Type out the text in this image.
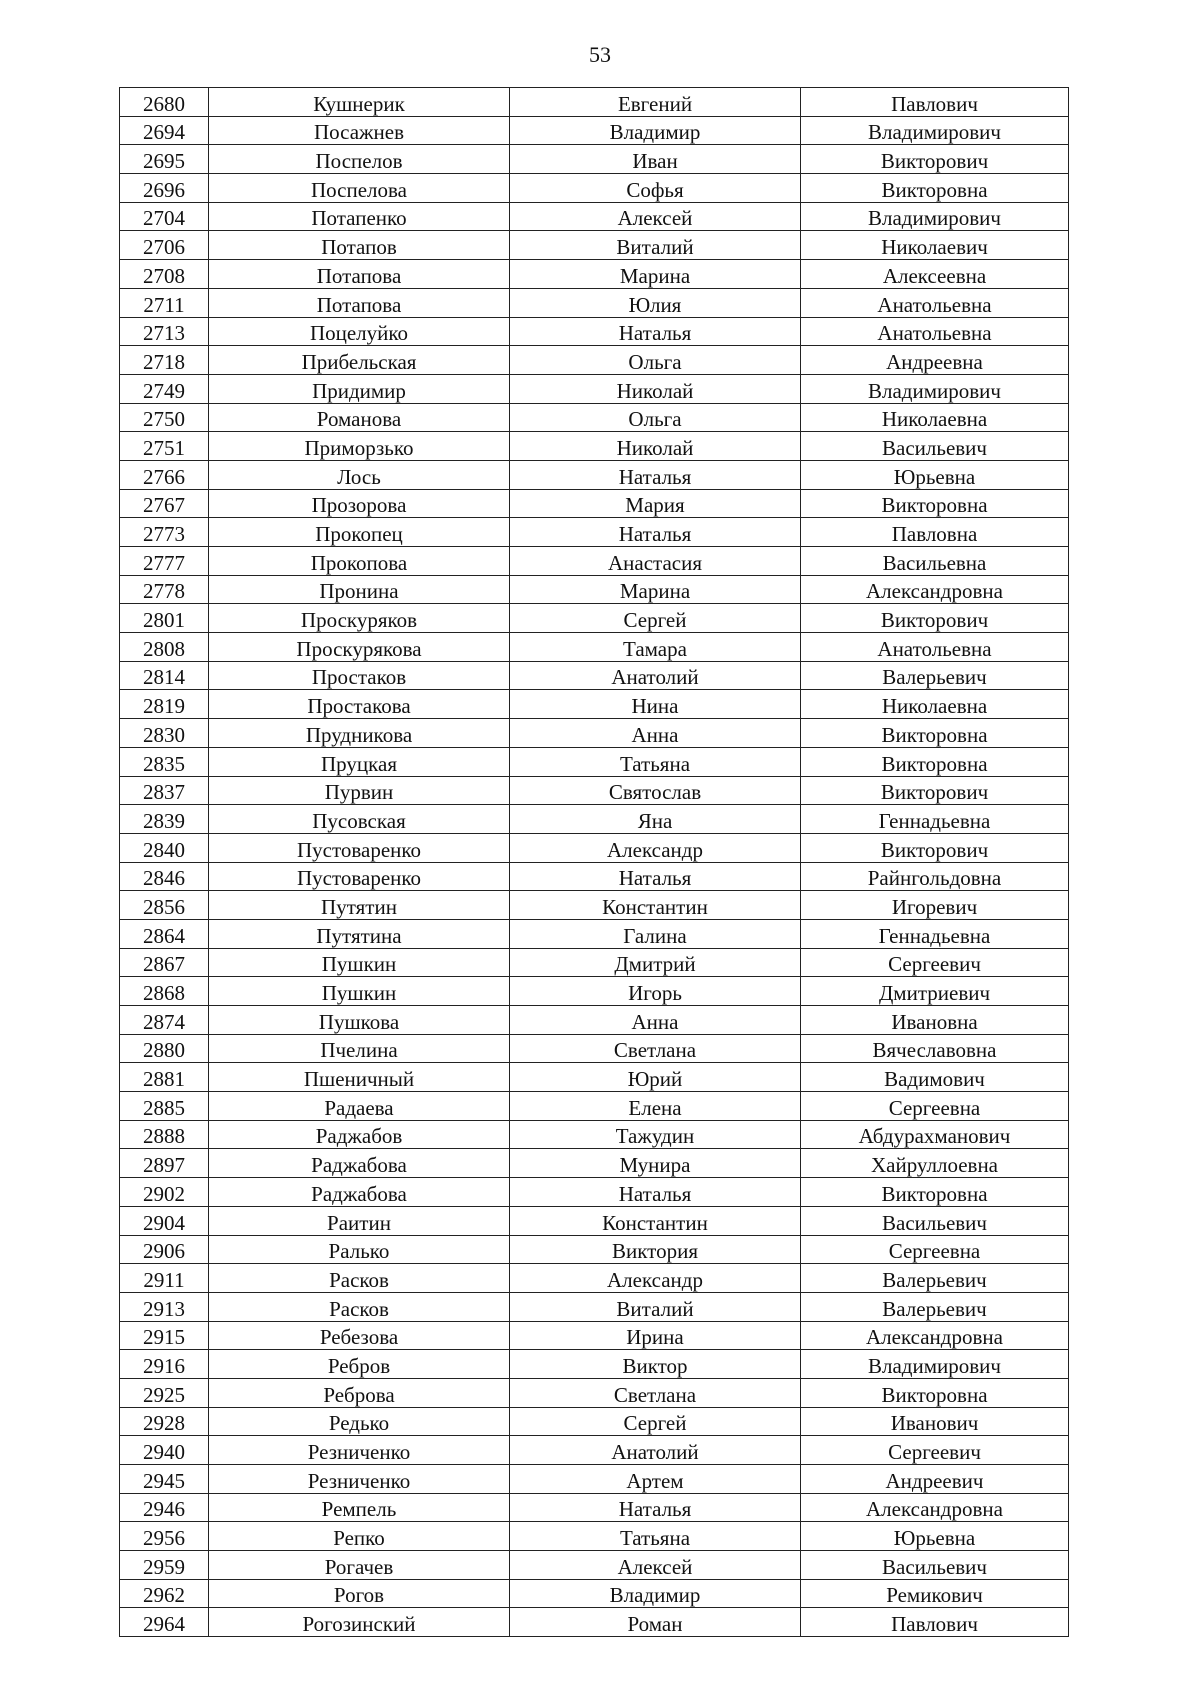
53
2680	Кушнерик	Евгений	Павлович
2694	Посажнев	Владимир	Владимирович
2695	Поспелов	Иван	Викторович
2696	Поспелова	Софья	Викторовна
2704	Потапенко	Алексей	Владимирович
2706	Потапов	Виталий	Николаевич
2708	Потапова	Марина	Алексеевна
2711	Потапова	Юлия	Анатольевна
2713	Поцелуйко	Наталья	Анатольевна
2718	Прибельская	Ольга	Андреевна
2749	Придимир	Николай	Владимирович
2750	Романова	Ольга	Николаевна
2751	Приморзько	Николай	Васильевич
2766	Лось	Наталья	Юрьевна
2767	Прозорова	Мария	Викторовна
2773	Прокопец	Наталья	Павловна
2777	Прокопова	Анастасия	Васильевна
2778	Пронина	Марина	Александровна
2801	Проскуряков	Сергей	Викторович
2808	Проскурякова	Тамара	Анатольевна
2814	Простаков	Анатолий	Валерьевич
2819	Простакова	Нина	Николаевна
2830	Прудникова	Анна	Викторовна
2835	Пруцкая	Татьяна	Викторовна
2837	Пурвин	Святослав	Викторович
2839	Пусовская	Яна	Геннадьевна
2840	Пустоваренко	Александр	Викторович
2846	Пустоваренко	Наталья	Райнгольдовна
2856	Путятин	Константин	Игоревич
2864	Путятина	Галина	Геннадьевна
2867	Пушкин	Дмитрий	Сергеевич
2868	Пушкин	Игорь	Дмитриевич
2874	Пушкова	Анна	Ивановна
2880	Пчелина	Светлана	Вячеславовна
2881	Пшеничный	Юрий	Вадимович
2885	Радаева	Елена	Сергеевна
2888	Раджабов	Тажудин	Абдурахманович
2897	Раджабова	Мунира	Хайруллоевна
2902	Раджабова	Наталья	Викторовна
2904	Раитин	Константин	Васильевич
2906	Ралько	Виктория	Сергеевна
2911	Расков	Александр	Валерьевич
2913	Расков	Виталий	Валерьевич
2915	Ребезова	Ирина	Александровна
2916	Ребров	Виктор	Владимирович
2925	Реброва	Светлана	Викторовна
2928	Редько	Сергей	Иванович
2940	Резниченко	Анатолий	Сергеевич
2945	Резниченко	Артем	Андреевич
2946	Ремпель	Наталья	Александровна
2956	Репко	Татьяна	Юрьевна
2959	Рогачев	Алексей	Васильевич
2962	Рогов	Владимир	Ремикович
2964	Рогозинский	Роман	Павлович
